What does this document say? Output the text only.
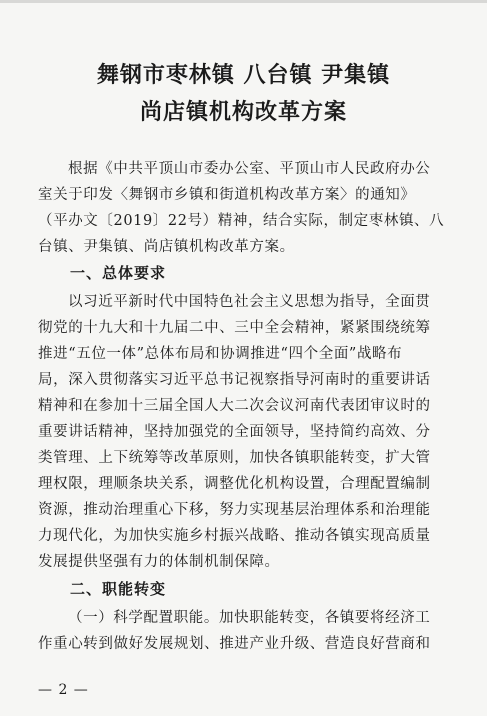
舞钢市枣林镇 八台镇 尹集镇
尚店镇机构改革方案
根据《中共平顶山市委办公室、平顶山市人民政府办公
室关于印发〈舞钢市乡镇和街道机构改革方案〉的通知》
（平办文〔2019〕22号）精神，结合实际，制定枣林镇、八
台镇、尹集镇、尚店镇机构改革方案。
一、总体要求
以习近平新时代中国特色社会主义思想为指导，全面贯
彻党的十九大和十九届二中、三中全会精神，紧紧围绕统筹
推进“五位一体”总体布局和协调推进“四个全面”战略布
局，深入贯彻落实习近平总书记视察指导河南时的重要讲话
精神和在参加十三届全国人大二次会议河南代表团审议时的
重要讲话精神，坚持加强党的全面领导，坚持简约高效、分
类管理、上下统筹等改革原则，加快各镇职能转变，扩大管
理权限，理顺条块关系，调整优化机构设置，合理配置编制
资源，推动治理重心下移，努力实现基层治理体系和治理能
力现代化，为加快实施乡村振兴战略、推动各镇实现高质量
发展提供坚强有力的体制机制保障。
二、职能转变
（一）科学配置职能。加快职能转变，各镇要将经济工
作重心转到做好发展规划、推进产业升级、营造良好营商和
— 2 —
